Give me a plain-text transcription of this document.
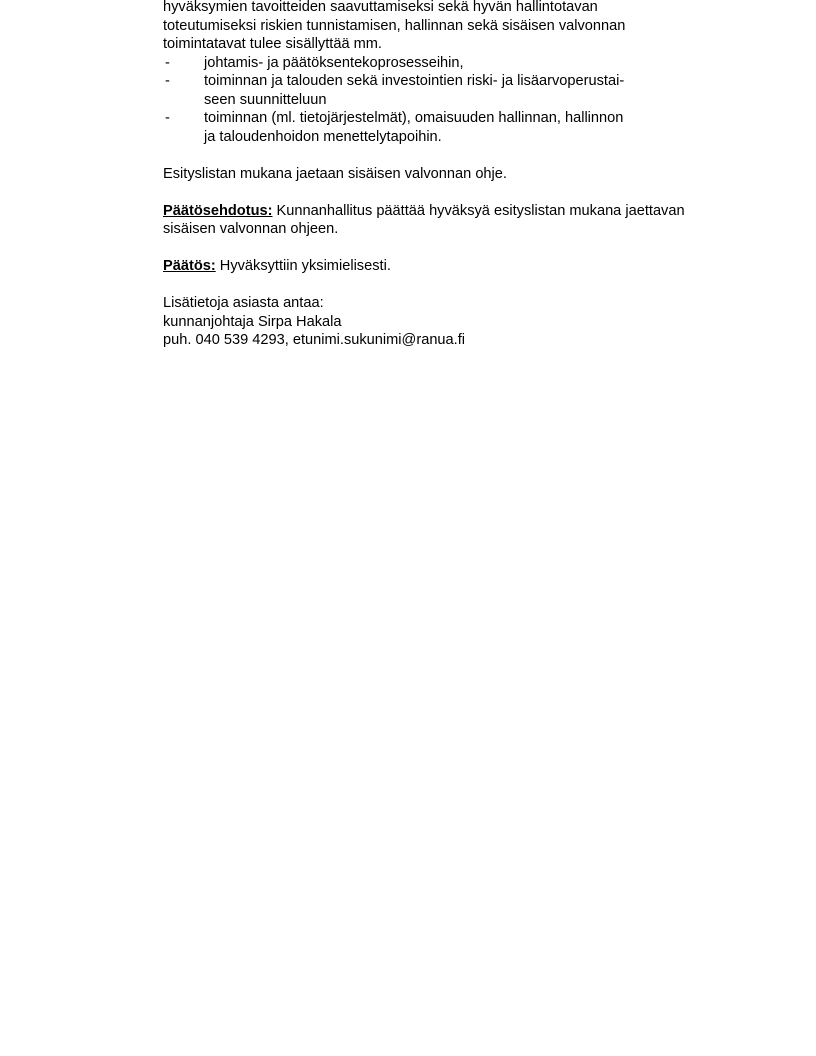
hyväksymien tavoitteiden saavuttamiseksi sekä hyvän hallintotavan
toteutumiseksi riskien tunnistamisen, hallinnan sekä sisäisen valvonnan
toimintatavat tulee sisällyttää mm.
- johtamis- ja päätöksentekoprosesseihin,
- toiminnan ja talouden sekä investointien riski- ja lisäarvoperustai-
seen suunnitteluun
- toiminnan (ml. tietojärjestelmät), omaisuuden hallinnan, hallinnon
ja taloudenhoidon menettelytapoihin.
Esityslistan mukana jaetaan sisäisen valvonnan ohje.
Päätösehdotus: Kunnanhallitus päättää hyväksyä esityslistan mukana jaettavan
sisäisen valvonnan ohjeen.
Päätös: Hyväksyttiin yksimielisesti.
Lisätietoja asiasta antaa:
kunnanjohtaja Sirpa Hakala
puh. 040 539 4293, etunimi.sukunimi@ranua.fi
